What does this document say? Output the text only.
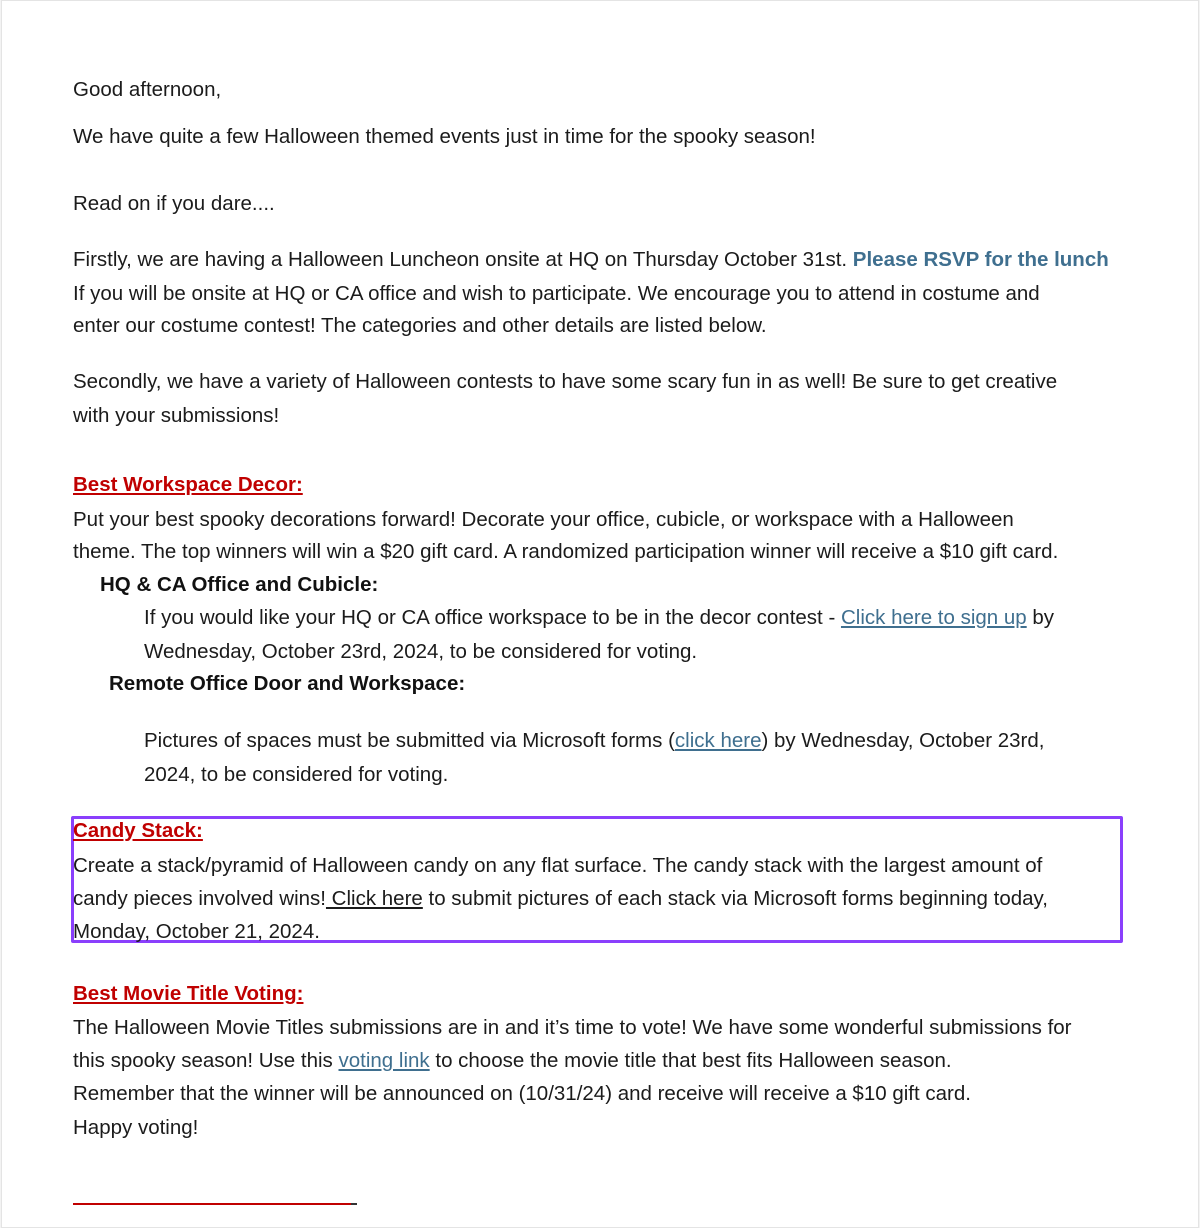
Good afternoon,

We have quite a few Halloween themed events just in time for the spooky season!

Read on if you dare....

Firstly, we are having a Halloween Luncheon onsite at HQ on Thursday October 31st. Please RSVP for the lunch

If you will be onsite at HQ or CA office and wish to participate. We encourage you to attend in costume and

enter our costume contest! The categories and other details are listed below.

Secondly, we have a variety of Halloween contests to have some scary fun in as well! Be sure to get creative

with your submissions!

Best Workspace Decor:

Put your best spooky decorations forward! Decorate your office, cubicle, or workspace with a Halloween

theme. The top winners will win a $20 gift card. A randomized participation winner will receive a $10 gift card.

HQ & CA Office and Cubicle:

If you would like your HQ or CA office workspace to be in the decor contest - Click here to sign up by

Wednesday, October 23rd, 2024, to be considered for voting.

Remote Office Door and Workspace:

Pictures of spaces must be submitted via Microsoft forms (click here) by Wednesday, October 23rd,

2024, to be considered for voting.

Candy Stack:

Create a stack/pyramid of Halloween candy on any flat surface. The candy stack with the largest amount of

candy pieces involved wins! Click here to submit pictures of each stack via Microsoft forms beginning today,

Monday, October 21, 2024.

Best Movie Title Voting:

The Halloween Movie Titles submissions are in and it’s time to vote! We have some wonderful submissions for

this spooky season! Use this voting link to choose the movie title that best fits Halloween season.

Remember that the winner will be announced on (10/31/24) and receive will receive a $10 gift card.

Happy voting!
